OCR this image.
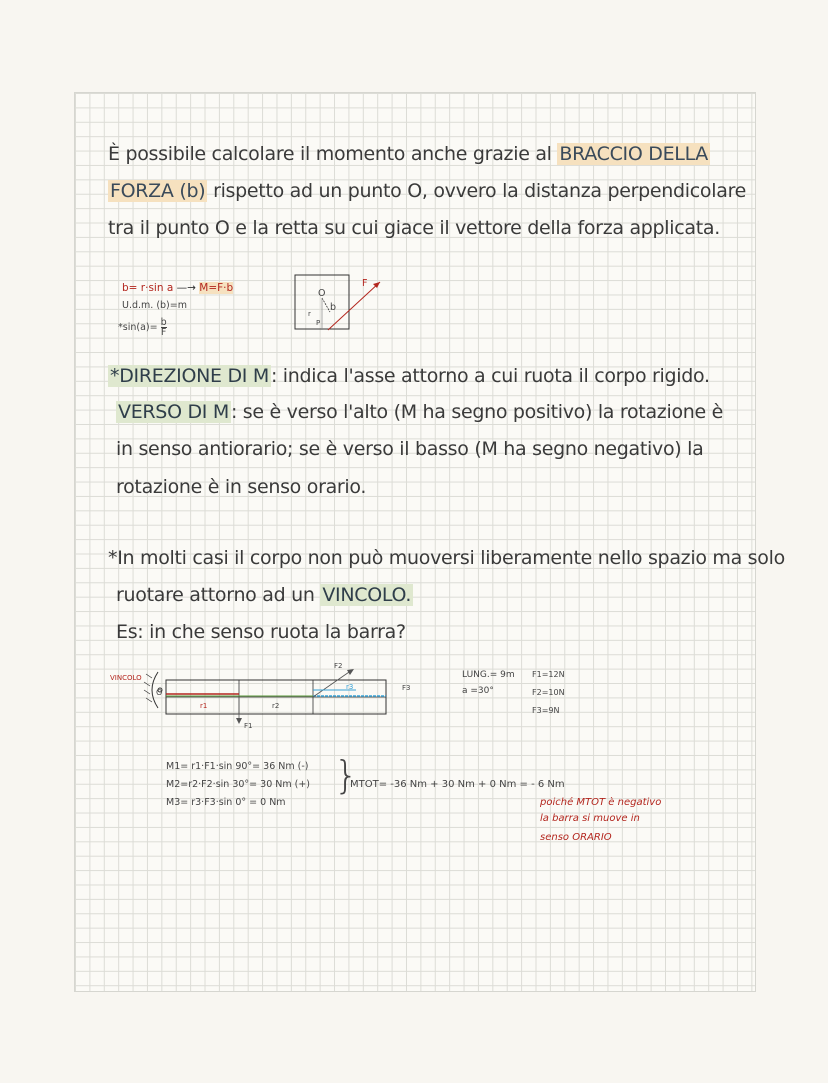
È possibile calcolare il momento anche grazie al BRACCIO DELLA
FORZA (b) rispetto ad un punto O, ovvero la distanza perpendicolare
tra il punto O e la retta su cui giace il vettore della forza applicata.
b= r·sin a —→ M=F·b
U.d.m. (b)=m
$*\sin(a)= \frac{b}{F}$
O
b
P
F
r
*DIREZIONE DI M : indica l'asse attorno a cui ruota il corpo rigido.
VERSO DI M : se è verso l'alto (M ha segno positivo) la rotazione è
in senso antiorario; se è verso il basso (M ha segno negativo) la
rotazione è in senso orario.
*In molti casi il corpo non può muoversi liberamente nello spazio ma solo
ruotare attorno ad un VINCOLO.
Es: in che senso ruota la barra?
VINCOLO
O
r1	r2
r3
F1
F2
F3
LUNG.= 9m
a =30°
F1=12N
F2=10N
F3=9N
M1= r1·F1·sin 90°= 36 Nm (-)
M2=r2·F2·sin 30°= 30 Nm (+)
M3= r3·F3·sin 0° = 0 Nm
}
MTOT= -36 Nm + 30 Nm + 0 Nm = - 6 Nm
poiché MTOT è negativo
la barra si muove in
senso ORARIO
